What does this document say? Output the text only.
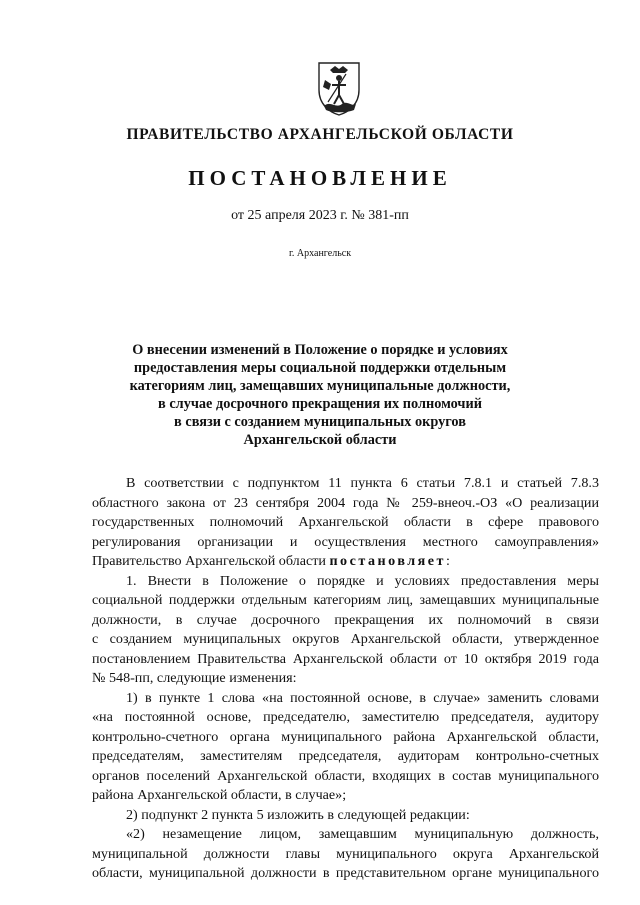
ПРАВИТЕЛЬСТВО АРХАНГЕЛЬСКОЙ ОБЛАСТИ
ПОСТАНОВЛЕНИЕ
от 25 апреля 2023 г. № 381-пп
г. Архангельск
О внесении изменений в Положение о порядке и условиях
предоставления меры социальной поддержки отдельным
категориям лиц, замещавших муниципальные должности,
в случае досрочного прекращения их полномочий
в связи с созданием муниципальных округов
Архангельской области
В соответствии с подпунктом 11 пункта 6 статьи 7.8.1 и статьей 7.8.3
областного закона от 23 сентября 2004 года № 259-внеоч.-ОЗ «О реализации
государственных полномочий Архангельской области в сфере правового
регулирования организации и осуществления местного самоуправления»
Правительство Архангельской области постановляет:
1. Внести в Положение о порядке и условиях предоставления меры
социальной поддержки отдельным категориям лиц, замещавших муниципальные
должности, в случае досрочного прекращения их полномочий в связи
с созданием муниципальных округов Архангельской области, утвержденное
постановлением Правительства Архангельской области от 10 октября 2019 года
№ 548-пп, следующие изменения:
1) в пункте 1 слова «на постоянной основе, в случае» заменить словами
«на постоянной основе, председателю, заместителю председателя, аудитору
контрольно-счетного органа муниципального района Архангельской области,
председателям, заместителям председателя, аудиторам контрольно-счетных
органов поселений Архангельской области, входящих в состав муниципального
района Архангельской области, в случае»;
2) подпункт 2 пункта 5 изложить в следующей редакции:
«2) незамещение лицом, замещавшим муниципальную должность,
муниципальной должности главы муниципального округа Архангельской
области, муниципальной должности в представительном органе муниципального
